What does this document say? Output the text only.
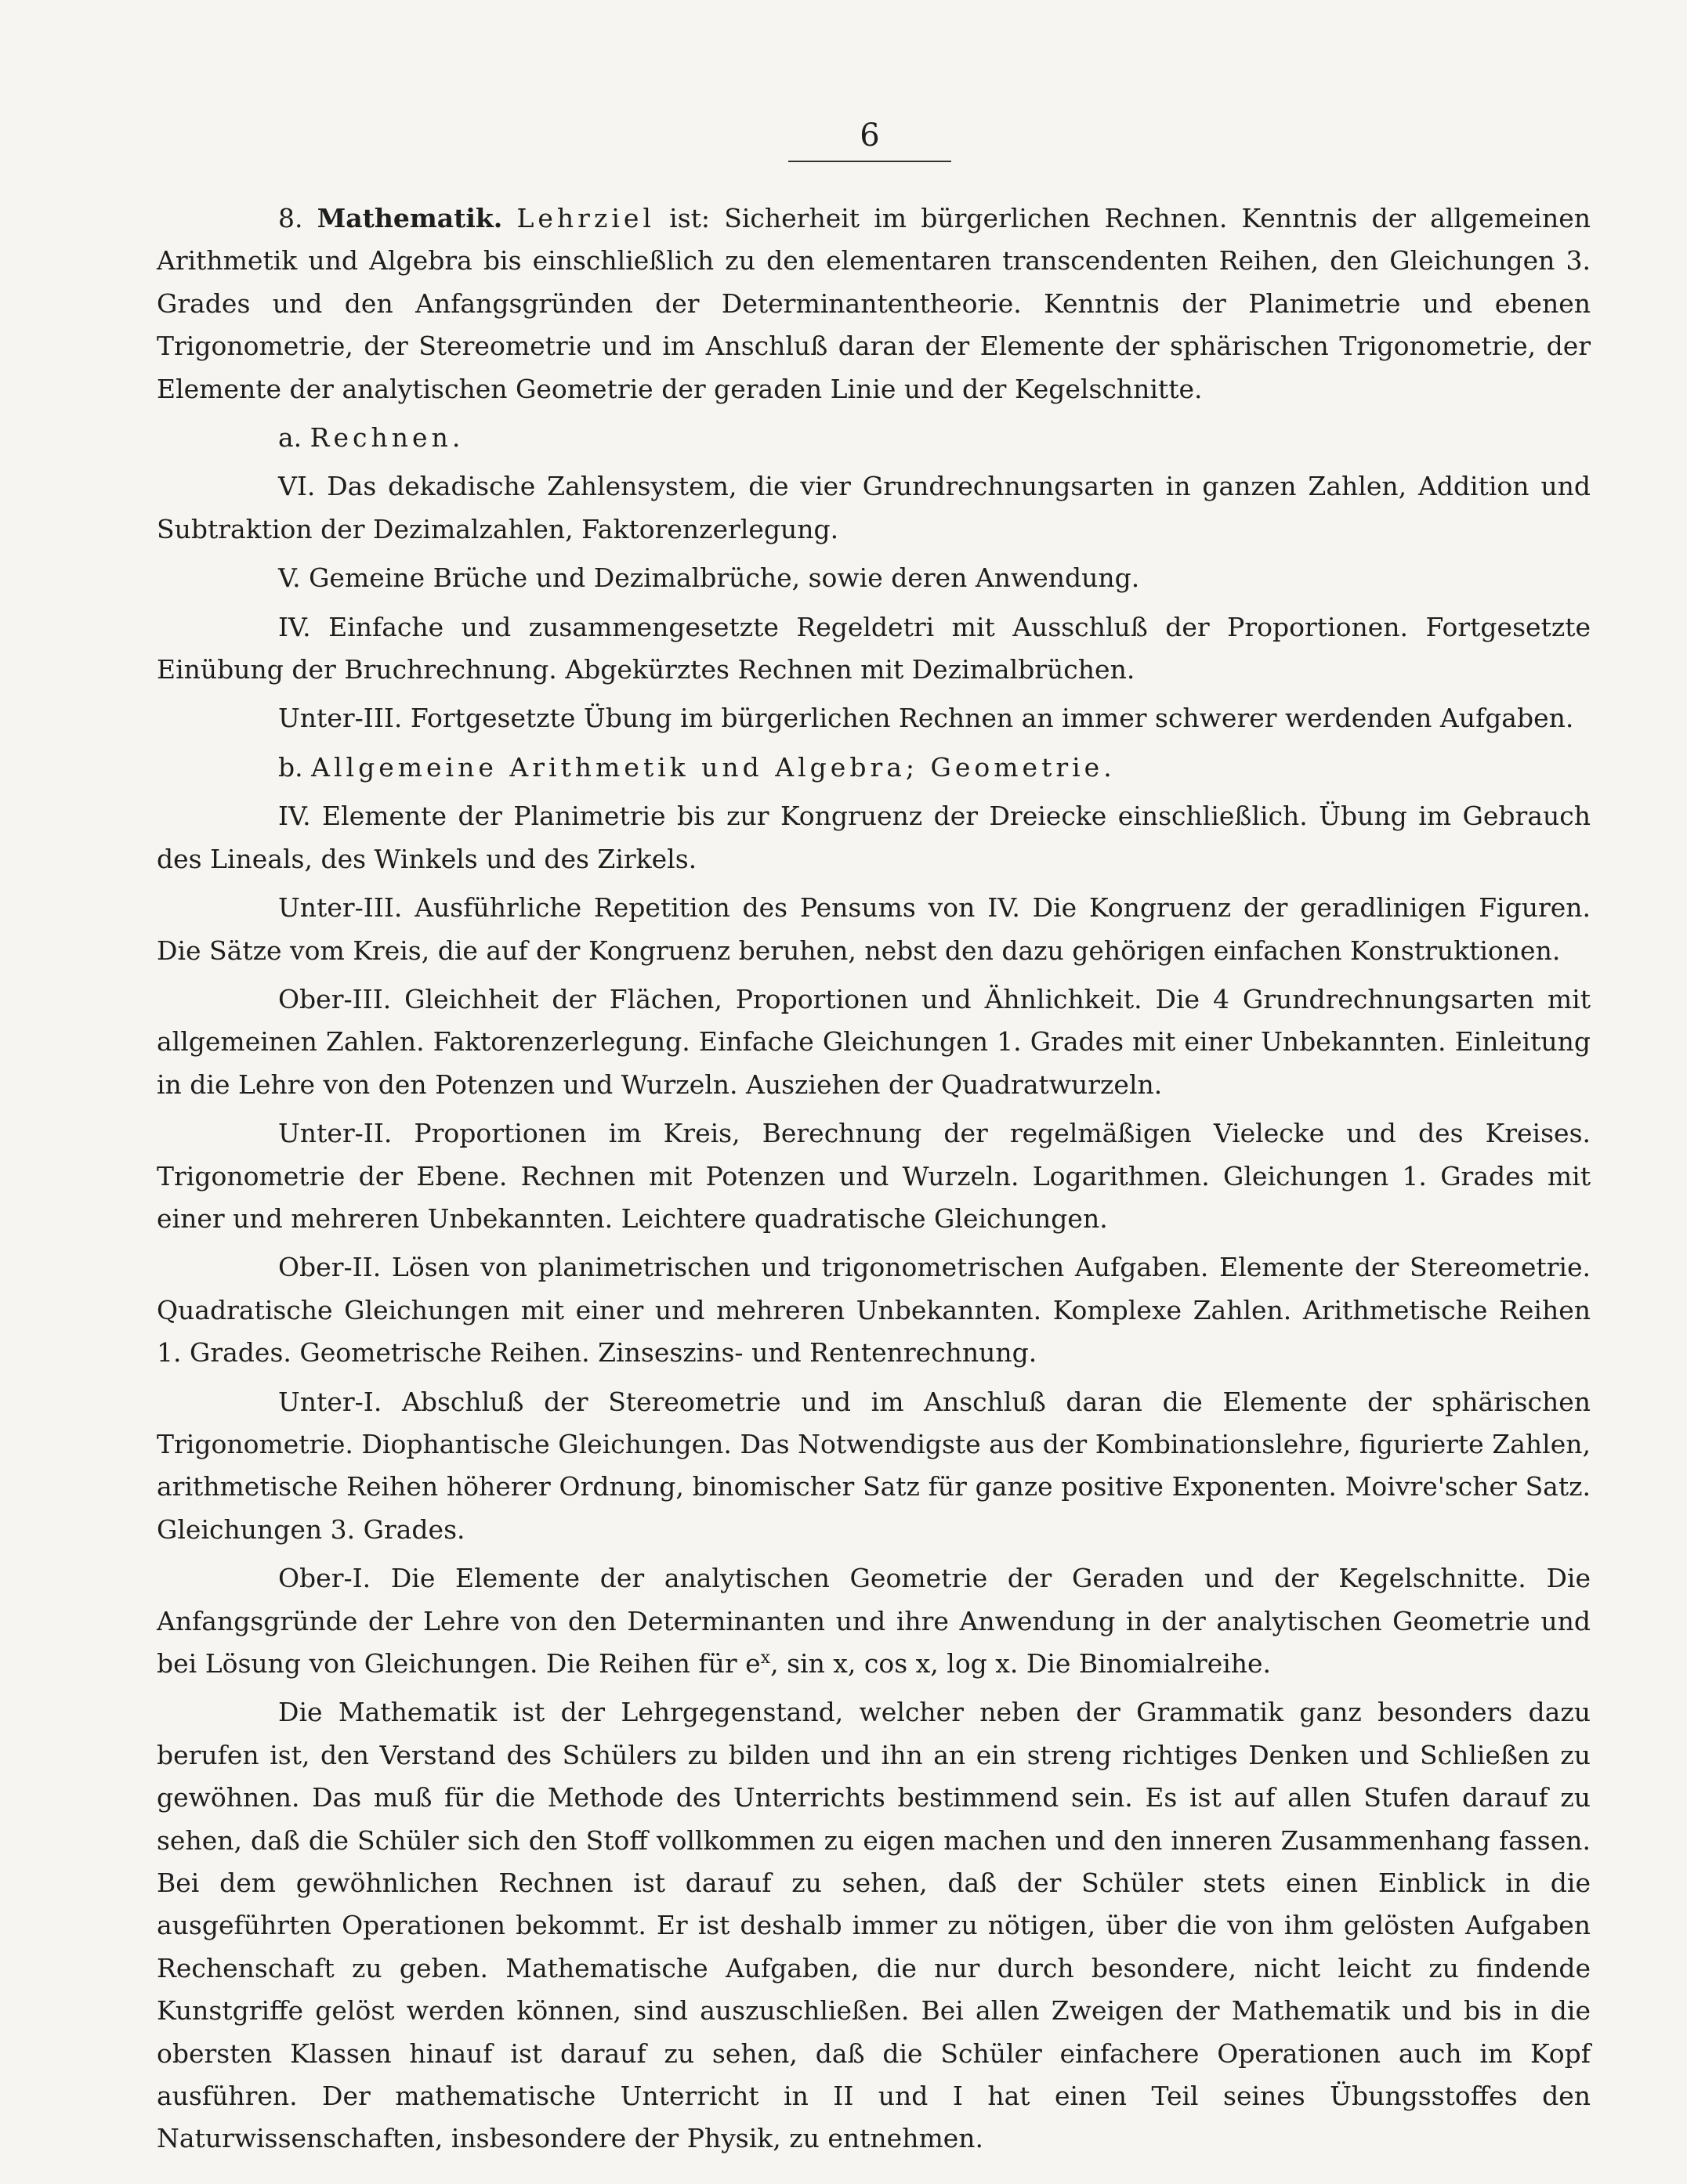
6

8. Mathematik. Lehrziel ist: Sicherheit im bürgerlichen Rechnen. Kenntnis der allgemeinen Arithmetik und Algebra bis einschließlich zu den elementaren transcendenten Reihen, den Gleichungen 3. Grades und den Anfangsgründen der Determinantentheorie. Kenntnis der Planimetrie und ebenen Trigonometrie, der Stereometrie und im Anschluß daran der Elemente der sphärischen Trigonometrie, der Elemente der analytischen Geometrie der geraden Linie und der Kegelschnitte.

a. Rechnen.

VI. Das dekadische Zahlensystem, die vier Grundrechnungsarten in ganzen Zahlen, Addition und Subtraktion der Dezimalzahlen, Faktorenzerlegung.

V. Gemeine Brüche und Dezimalbrüche, sowie deren Anwendung.

IV. Einfache und zusammengesetzte Regeldetri mit Ausschluß der Proportionen. Fortgesetzte Einübung der Bruchrechnung. Abgekürztes Rechnen mit Dezimalbrüchen.

Unter-III. Fortgesetzte Übung im bürgerlichen Rechnen an immer schwerer werdenden Aufgaben.

b. Allgemeine Arithmetik und Algebra; Geometrie.

IV. Elemente der Planimetrie bis zur Kongruenz der Dreiecke einschließlich. Übung im Gebrauch des Lineals, des Winkels und des Zirkels.

Unter-III. Ausführliche Repetition des Pensums von IV. Die Kongruenz der geradlinigen Figuren. Die Sätze vom Kreis, die auf der Kongruenz beruhen, nebst den dazu gehörigen einfachen Konstruktionen.

Ober-III. Gleichheit der Flächen, Proportionen und Ähnlichkeit. Die 4 Grundrechnungsarten mit allgemeinen Zahlen. Faktorenzerlegung. Einfache Gleichungen 1. Grades mit einer Unbekannten. Einleitung in die Lehre von den Potenzen und Wurzeln. Ausziehen der Quadratwurzeln.

Unter-II. Proportionen im Kreis, Berechnung der regelmäßigen Vielecke und des Kreises. Trigonometrie der Ebene. Rechnen mit Potenzen und Wurzeln. Logarithmen. Gleichungen 1. Grades mit einer und mehreren Unbekannten. Leichtere quadratische Gleichungen.

Ober-II. Lösen von planimetrischen und trigonometrischen Aufgaben. Elemente der Stereometrie. Quadratische Gleichungen mit einer und mehreren Unbekannten. Komplexe Zahlen. Arithmetische Reihen 1. Grades. Geometrische Reihen. Zinseszins- und Rentenrechnung.

Unter-I. Abschluß der Stereometrie und im Anschluß daran die Elemente der sphärischen Trigonometrie. Diophantische Gleichungen. Das Notwendigste aus der Kombinationslehre, figurierte Zahlen, arithmetische Reihen höherer Ordnung, binomischer Satz für ganze positive Exponenten. Moivre'scher Satz. Gleichungen 3. Grades.

Ober-I. Die Elemente der analytischen Geometrie der Geraden und der Kegelschnitte. Die Anfangsgründe der Lehre von den Determinanten und ihre Anwendung in der analytischen Geometrie und bei Lösung von Gleichungen. Die Reihen für $e^x$, sin x, cos x, log x. Die Binomialreihe.

Die Mathematik ist der Lehrgegenstand, welcher neben der Grammatik ganz besonders dazu berufen ist, den Verstand des Schülers zu bilden und ihn an ein streng richtiges Denken und Schließen zu gewöhnen. Das muß für die Methode des Unterrichts bestimmend sein. Es ist auf allen Stufen darauf zu sehen, daß die Schüler sich den Stoff vollkommen zu eigen machen und den inneren Zusammenhang fassen. Bei dem gewöhnlichen Rechnen ist darauf zu sehen, daß der Schüler stets einen Einblick in die ausgeführten Operationen bekommt. Er ist deshalb immer zu nötigen, über die von ihm gelösten Aufgaben Rechenschaft zu geben. Mathematische Aufgaben, die nur durch besondere, nicht leicht zu findende Kunstgriffe gelöst werden können, sind auszuschließen. Bei allen Zweigen der Mathematik und bis in die obersten Klassen hinauf ist darauf zu sehen, daß die Schüler einfachere Operationen auch im Kopf ausführen. Der mathematische Unterricht in II und I hat einen Teil seines Übungsstoffes den Naturwissenschaften, insbesondere der Physik, zu entnehmen.
